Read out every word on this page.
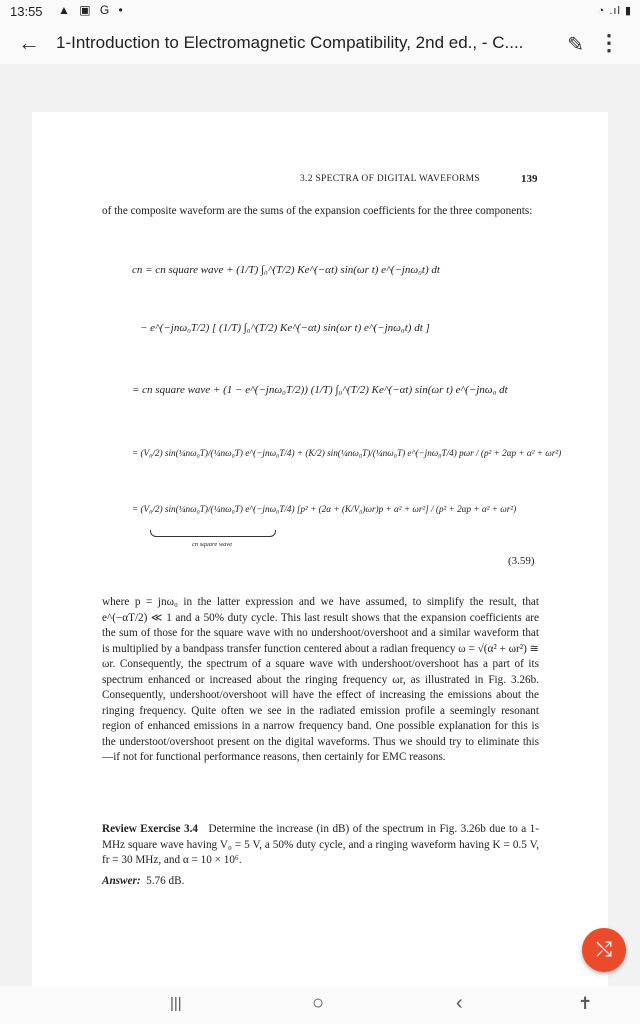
13:55 ▲ ▣ G •	◔ .ıl ▮
← 1-Introduction to Electromagnetic Compatibility, 2nd ed., - C....	✎ ⋮
3.2 SPECTRA OF DIGITAL WAVEFORMS	139
of the composite waveform are the sums of the expansion coefficients for the three components:
cn = cn square wave + (1/T) ∫₀^(T/2) Ke^(−αt) sin(ωr t) e^(−jnω₀t) dt
− e^(−jnω₀T/2) [ (1/T) ∫₀^(T/2) Ke^(−αt) sin(ωr t) e^(−jnω₀t) dt ]
= cn square wave + (1 − e^(−jnω₀T/2)) (1/T) ∫₀^(T/2) Ke^(−αt) sin(ωr t) e^(−jnω₀ dt
= (V₀/2) sin(¼nω₀T)/(¼nω₀T) e^(−jnω₀T/4) + (K/2) sin(¼nω₀T)/(¼nω₀T) e^(−jnω₀T/4) pωr / (p² + 2αp + α² + ωr²)
= (V₀/2) sin(¼nω₀T)/(¼nω₀T) e^(−jnω₀T/4) [p² + (2α + (K/V₀)ωr)p + α² + ωr²] / (p² + 2αp + α² + ωr²)
cn square wave
(3.59)
where p = jnω₀ in the latter expression and we have assumed, to simplify the result, that e^(−αT/2) ≪ 1 and a 50% duty cycle. This last result shows that the expansion coefficients are the sum of those for the square wave with no undershoot/overshoot and a similar waveform that is multiplied by a bandpass transfer function centered about a radian frequency ω = √(α² + ωr²) ≅ ωr. Consequently, the spectrum of a square wave with undershoot/overshoot has a part of its spectrum enhanced or increased about the ringing frequency ωr, as illustrated in Fig. 3.26b. Consequently, undershoot/overshoot will have the effect of increasing the emissions about the ringing frequency. Quite often we see in the radiated emission profile a seemingly resonant region of enhanced emissions in a narrow frequency band. One possible explanation for this is the understoot/overshoot present on the digital waveforms. Thus we should try to eliminate this—if not for functional performance reasons, then certainly for EMC reasons.
Review Exercise 3.4 Determine the increase (in dB) of the spectrum in Fig. 3.26b due to a 1-MHz square wave having V₀ = 5 V, a 50% duty cycle, and a ringing waveform having K = 0.5 V, fr = 30 MHz, and α = 10 × 10⁶.
Answer: 5.76 dB.
⤭
|||	○	‹	✝
